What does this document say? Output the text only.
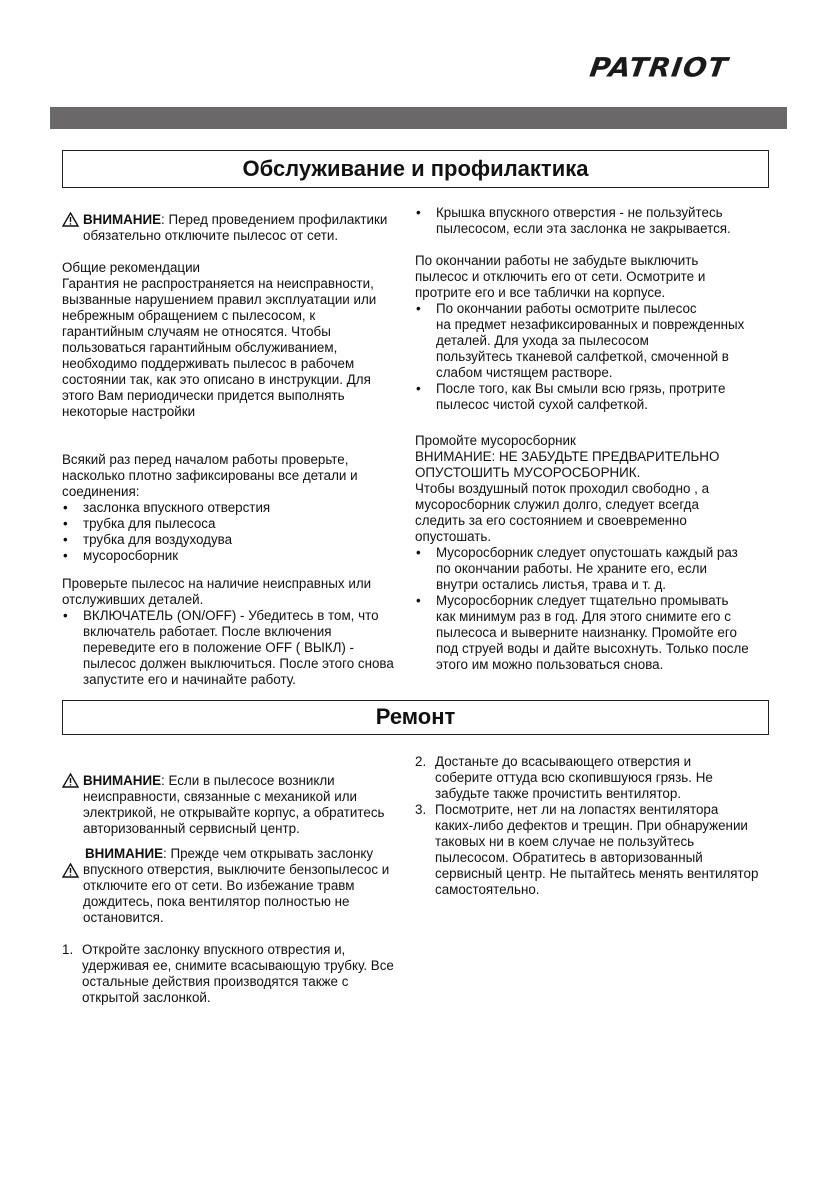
PATRIOT
Обслуживание и профилактика
ВНИМАНИЕ: Перед проведением профилактики
обязательно отключите пылесос от сети.
Общие рекомендации
Гарантия не распространяется на неисправности,
вызванные нарушением правил эксплуатации или
небрежным обращением с пылесосом, к
гарантийным случаям не относятся. Чтобы
пользоваться гарантийным обслуживанием,
необходимо поддерживать пылесос в рабочем
состоянии так, как это описано в инструкции. Для
этого Вам периодически придется выполнять
некоторые настройки
Всякий раз перед началом работы проверьте,
насколько плотно зафиксированы все детали и
соединения:
•	заслонка впускного отверстия
•	трубка для пылесоса
•	трубка для воздуходува
•	мусоросборник
Проверьте пылесос на наличие неисправных или
отслуживших деталей.
•	ВКЛЮЧАТЕЛЬ (ON/OFF) - Убедитесь в том, что
включатель работает. После включения
переведите его в положение OFF ( ВЫКЛ) -
пылесос должен выключиться. После этого снова
запустите его и начинайте работу.
•	Крышка впускного отверстия - не пользуйтесь
пылесосом, если эта заслонка не закрывается.
По окончании работы не забудьте выключить
пылесос и отключить его от сети. Осмотрите и
протрите его и все таблички на корпусе.
•	По окончании работы осмотрите пылесос
на предмет незафиксированных и поврежденных
деталей. Для ухода за пылесосом
пользуйтесь тканевой салфеткой, смоченной в
слабом чистящем растворе.
•	После того, как Вы смыли всю грязь, протрите
пылесос чистой сухой салфеткой.
Промойте мусоросборник
ВНИМАНИЕ: НЕ ЗАБУДЬТЕ ПРЕДВАРИТЕЛЬНО
ОПУСТОШИТЬ МУСОРОСБОРНИК.
Чтобы воздушный поток проходил свободно , а
мусоросборник служил долго, следует всегда
следить за его состоянием и своевременно
опустошать.
•	Мусоросборник следует опустошать каждый раз
по окончании работы. Не храните его, если
внутри остались листья, трава и т. д.
•	Мусоросборник следует тщательно промывать
как минимум раз в год. Для этого снимите его с
пылесоса и выверните наизнанку. Промойте его
под струей воды и дайте высохнуть. Только после
этого им можно пользоваться снова.
Ремонт
ВНИМАНИЕ: Если в пылесосе возникли
неисправности, связанные с механикой или
электрикой, не открывайте корпус, а обратитесь
авторизованный сервисный центр.
ВНИМАНИЕ: Прежде чем открывать заслонку
впускного отверстия, выключите бензопылесос и
отключите его от сети. Во избежание травм
дождитесь, пока вентилятор полностью не
остановится.
1. Откройте заслонку впускного отврестия и,
удерживая ее, снимите всасывающую трубку. Все
остальные действия производятся также с
открытой заслонкой.
2. Достаньте до всасывающего отверстия и
соберите оттуда всю скопившуюся грязь. Не
забудьте также прочистить вентилятор.
3. Посмотрите, нет ли на лопастях вентилятора
каких-либо дефектов и трещин. При обнаружении
таковых ни в коем случае не пользуйтесь
пылесосом. Обратитесь в авторизованный
сервисный центр. Не пытайтесь менять вентилятор
самостоятельно.
